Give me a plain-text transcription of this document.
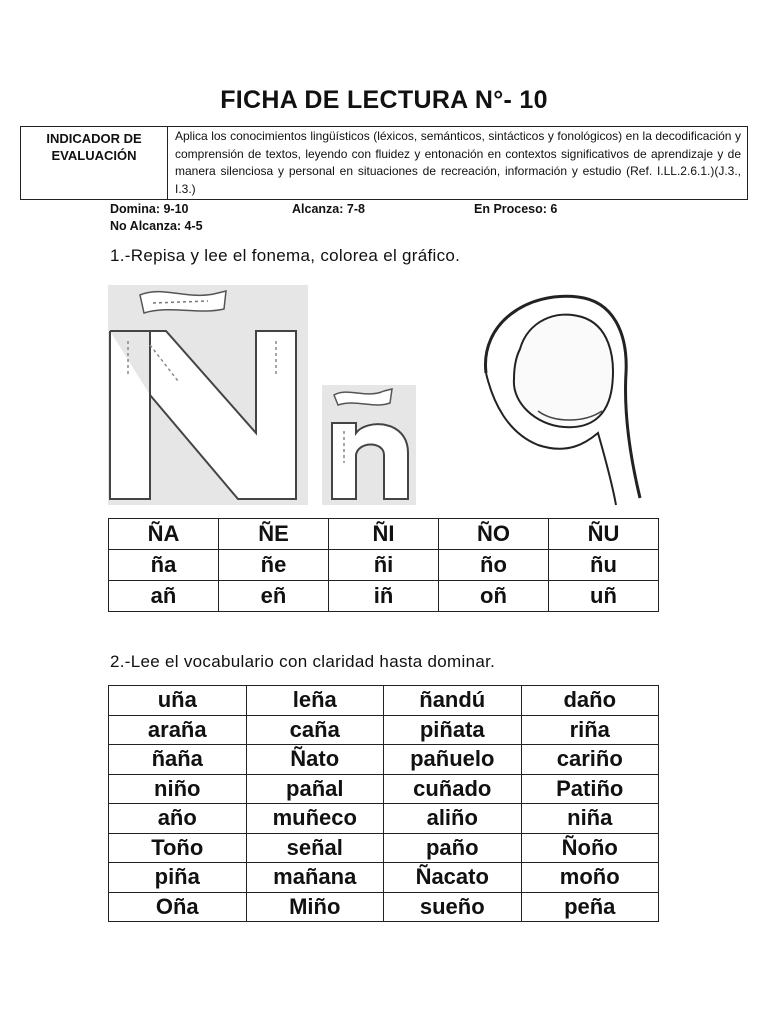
FICHA DE LECTURA N°- 10
INDICADOR DE
EVALUACIÓN
Aplica los conocimientos lingüísticos (léxicos, semánticos, sintácticos y fonológicos) en la decodificación y comprensión de textos, leyendo con fluidez y entonación en contextos significativos de aprendizaje y de manera silenciosa y personal en situaciones de recreación, información y estudio (Ref. I.LL.2.6.1.)(J.3., I.3.)
Domina: 9-10	Alcanza: 7-8	En Proceso: 6
No Alcanza: 4-5
1.-Repisa y lee el fonema, colorea el gráfico.
ÑA	ÑE	ÑI	ÑO	ÑU
ña	ñe	ñi	ño	ñu
añ	eñ	iñ	oñ	uñ
2.-Lee el vocabulario con claridad hasta dominar.
uña	leña	ñandú	daño
araña	caña	piñata	riña
ñaña	Ñato	pañuelo	cariño
niño	pañal	cuñado	Patiño
año	muñeco	aliño	niña
Toño	señal	paño	Ñoño
piña	mañana	Ñacato	moño
Oña	Miño	sueño	peña
